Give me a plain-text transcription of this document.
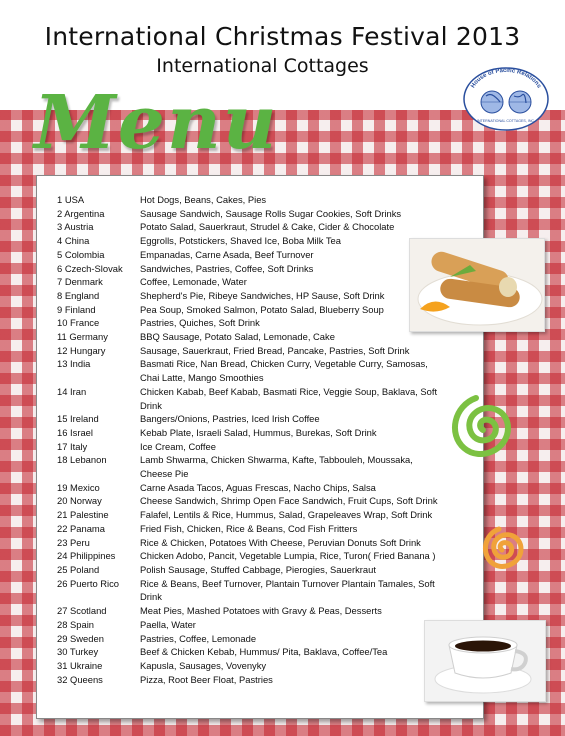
International Christmas Festival 2013
International Cottages
House of Pacific Relations
INTERNATIONAL COTTAGES, INC.
Menu
1 USA	Hot Dogs, Beans, Cakes, Pies
2 Argentina	Sausage Sandwich, Sausage Rolls Sugar Cookies, Soft Drinks
3 Austria	Potato Salad, Sauerkraut, Strudel & Cake, Cider & Chocolate
4 China	Eggrolls, Potstickers, Shaved Ice, Boba Milk Tea
5 Colombia	Empanadas, Carne Asada, Beef Turnover
6 Czech-Slovak	Sandwiches, Pastries, Coffee, Soft Drinks
7 Denmark	Coffee, Lemonade, Water
8 England	Shepherd's Pie, Ribeye Sandwiches, HP Sause, Soft Drink
9 Finland	Pea Soup, Smoked Salmon, Potato Salad, Blueberry Soup
10 France	Pastries, Quiches, Soft Drink
11 Germany	BBQ Sausage, Potato Salad, Lemonade, Cake
12 Hungary	Sausage, Sauerkraut, Fried Bread, Pancake, Pastries, Soft Drink
13 India	Basmati Rice, Nan Bread, Chicken Curry, Vegetable Curry, Samosas, Chai Latte, Mango Smoothies
14 Iran	Chicken Kabab, Beef Kabab, Basmati Rice, Veggie Soup, Baklava, Soft Drink
15 Ireland	Bangers/Onions, Pastries, Iced Irish Coffee
16 Israel	Kebab Plate, Israeli Salad, Hummus, Burekas, Soft Drink
17 Italy	Ice Cream, Coffee
18 Lebanon	Lamb Shwarma, Chicken Shwarma, Kafte, Tabbouleh, Moussaka, Cheese Pie
19 Mexico	Carne Asada Tacos, Aguas Frescas, Nacho Chips, Salsa
20 Norway	Cheese Sandwich, Shrimp Open Face Sandwich, Fruit Cups, Soft Drink
21 Palestine	Falafel, Lentils & Rice, Hummus, Salad, Grapeleaves Wrap, Soft Drink
22 Panama	Fried Fish, Chicken, Rice & Beans, Cod Fish Fritters
23 Peru	Rice & Chicken, Potatoes With Cheese, Peruvian Donuts Soft Drink
24 Philippines	Chicken Adobo, Pancit, Vegetable Lumpia, Rice, Turon( Fried Banana )
25 Poland	Polish Sausage, Stuffed Cabbage, Pierogies, Sauerkraut
26 Puerto Rico	Rice & Beans, Beef Turnover, Plantain Turnover Plantain Tamales, Soft Drink
27 Scotland	Meat Pies, Mashed Potatoes with Gravy & Peas, Desserts
28 Spain	Paella, Water
29 Sweden	Pastries, Coffee, Lemonade
30 Turkey	Beef & Chicken Kebab, Hummus/ Pita, Baklava, Coffee/Tea
31 Ukraine	Kapusla, Sausages, Vovenyky
32 Queens	Pizza, Root Beer Float, Pastries
